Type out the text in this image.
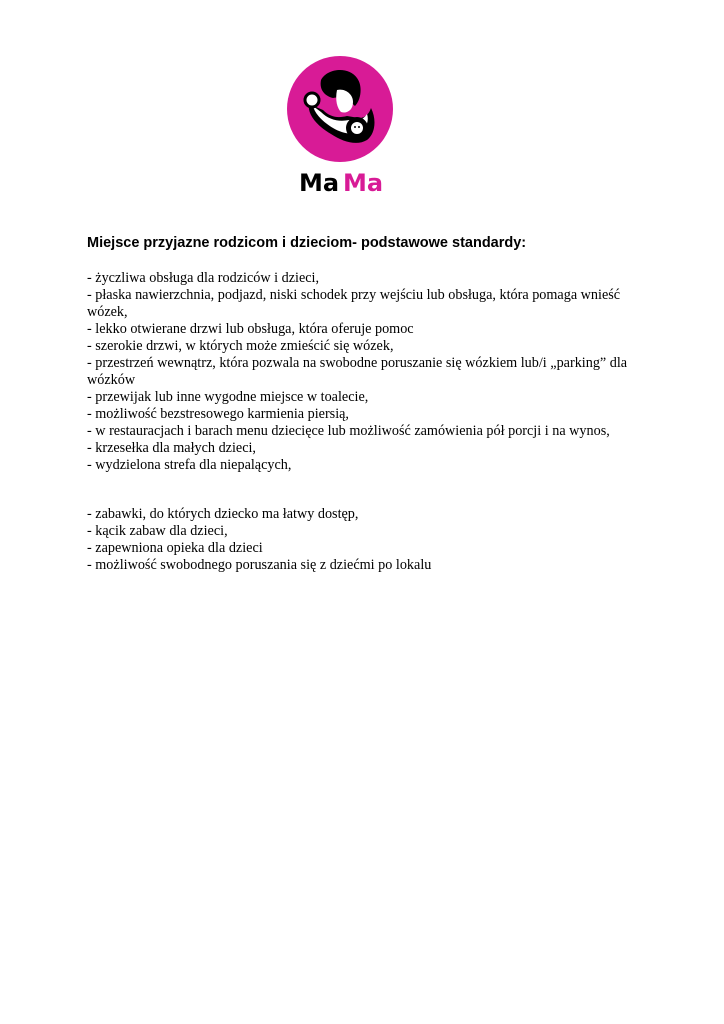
Ma Ma
Miejsce przyjazne rodzicom i dzieciom- podstawowe standardy:
- życzliwa obsługa dla rodziców i dzieci,
- płaska nawierzchnia, podjazd, niski schodek przy wejściu lub obsługa, która pomaga wnieść wózek,
- lekko otwierane drzwi lub obsługa, która oferuje pomoc
- szerokie drzwi, w których może zmieścić się wózek,
- przestrzeń wewnątrz, która pozwala na swobodne poruszanie się wózkiem lub/i „parking” dla wózków
- przewijak lub inne wygodne miejsce w toalecie,
- możliwość bezstresowego karmienia piersią,
- w restauracjach i barach menu dziecięce lub możliwość zamówienia pół porcji i na wynos,
- krzesełka dla małych dzieci,
- wydzielona strefa dla niepalących,
- zabawki, do których dziecko ma łatwy dostęp,
- kącik zabaw dla dzieci,
- zapewniona opieka dla dzieci
- możliwość swobodnego poruszania się z dziećmi po lokalu
